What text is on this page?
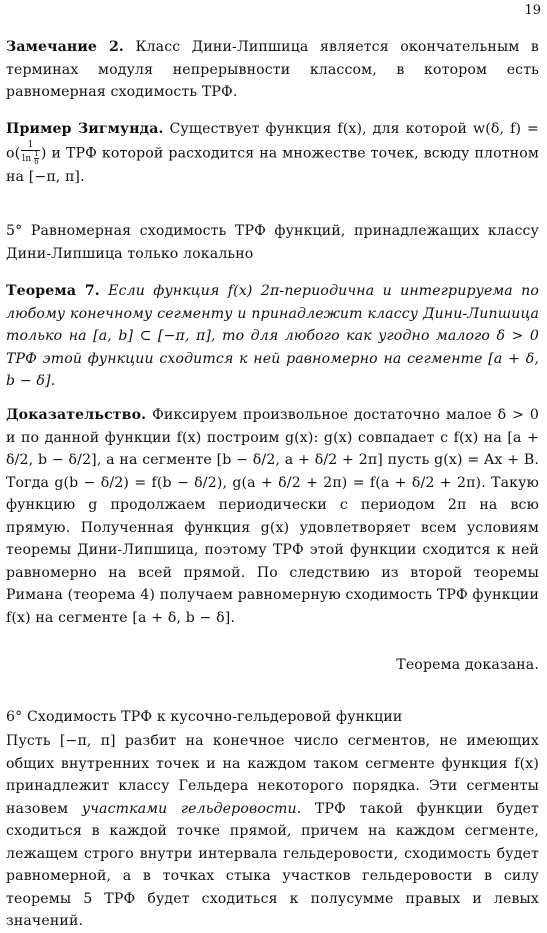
19
Замечание 2. Класс Дини-Липшица является окончательным в терминах модуля непрерывности классом, в котором есть равномерная сходимость ТРФ.
Пример Зигмунда. Существует функция f(x), для которой w(δ, $f) = o( \frac{1}{\ln \frac{1}{\delta}}$ ) и ТРФ которой расходится на множестве точек, всюду плотном на [−π, π].
5° Равномерная сходимость ТРФ функций, принадлежащих классу Дини-Липшица только локально
Теорема 7. Если функция f(x) 2π-периодична и интегрируема по любому конечному сегменту и принадлежит классу Дини-Липшица только на [a, b] ⊂ [−π, π], то для любого как угодно малого δ > 0 ТРФ этой функции сходится к ней равномерно на сегменте [a + δ, b − δ].
Доказательство. Фиксируем произвольное достаточно малое δ > 0 и по данной функции f(x) построим g(x): g(x) совпадает с f(x) на [a + δ/2, b − δ/2], а на сегменте [b − δ/2, a + δ/2 + 2π] пусть g(x) = Ax + B. Тогда g(b − δ/2) = f(b − δ/2), g(a + δ/2 + 2π) = f(a + δ/2 + 2π). Такую функцию g продолжаем периодически с периодом 2π на всю прямую. Полученная функция g(x) удовлетворяет всем условиям теоремы Дини-Липшица, поэтому ТРФ этой функции сходится к ней равномерно на всей прямой. По следствию из второй теоремы Римана (теорема 4) получаем равномерную сходимость ТРФ функции f(x) на сегменте [a + δ, b − δ].
Теорема доказана.
6° Сходимость ТРФ к кусочно-гельдеровой функции
Пусть [−π, π] разбит на конечное число сегментов, не имеющих общих внутренних точек и на каждом таком сегменте функция f(x) принадлежит классу Гельдера некоторого порядка. Эти сегменты назовем участками гельдеровости. ТРФ такой функции будет сходиться в каждой точке прямой, причем на каждом сегменте, лежащем строго внутри интервала гельдеровости, сходимость будет равномерной, а в точках стыка участков гельдеровости в силу теоремы 5 ТРФ будет сходиться к полусумме правых и левых значений.
